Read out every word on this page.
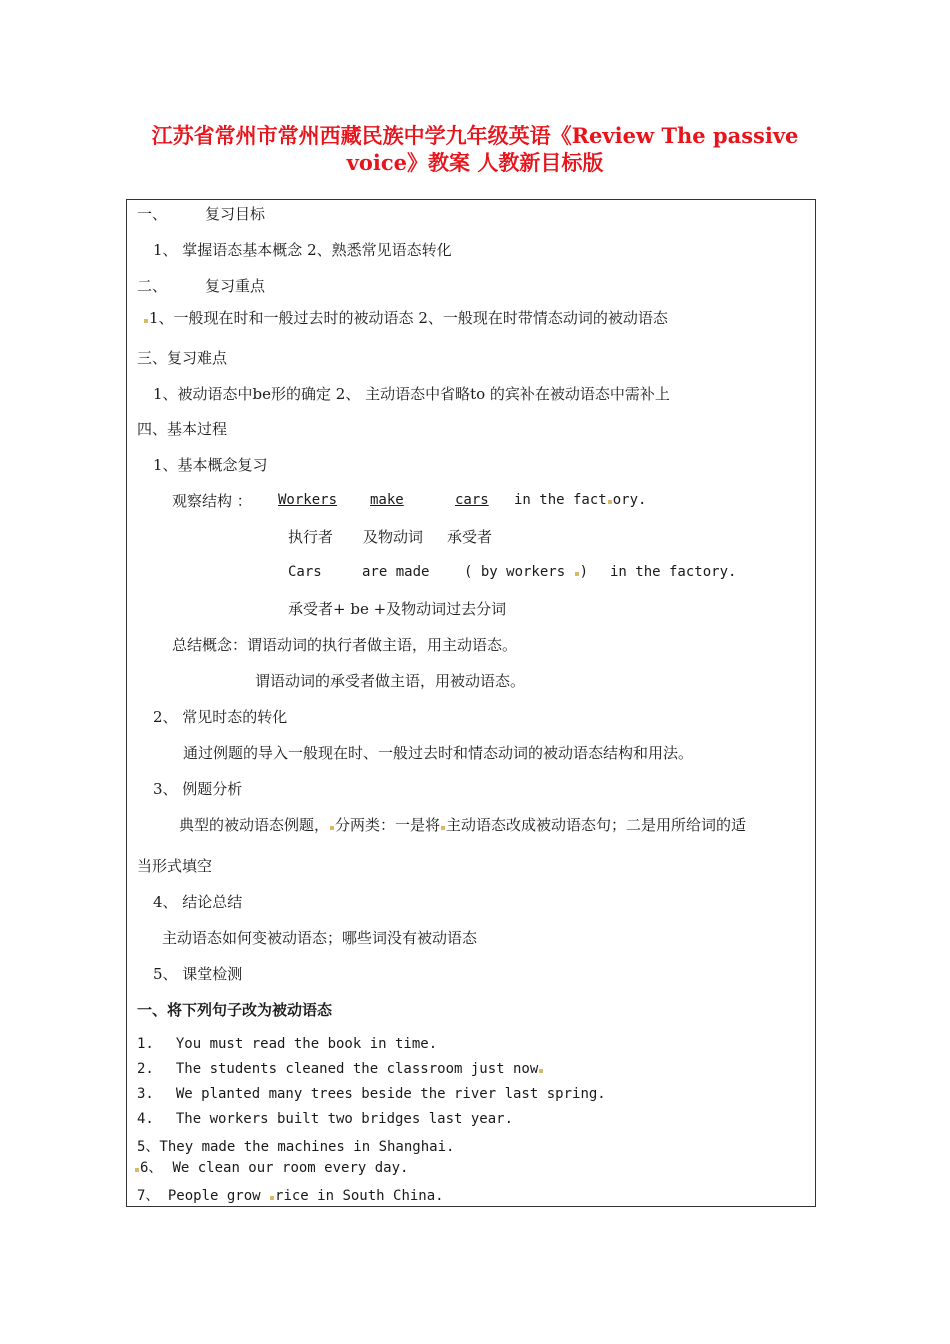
江苏省常州市常州西藏民族中学九年级英语《Review The passive
voice》教案 人教新目标版
一、	复习目标
1、 掌握语态基本概念 2、熟悉常见语态转化
二、	复习重点
1、一般现在时和一般过去时的被动语态 2、一般现在时带情态动词的被动语态
三、复习难点
1、被动语态中be形的确定 2、 主动语态中省略to 的宾补在被动语态中需补上
四、基本过程
1、基本概念复习
观察结构 ： Workers make	cars in the fact ory.
执行者 及物动词 承受者
Cars	are made ( by workers ) in the factory.
承受者+ be +及物动词过去分词
总结概念：谓语动词的执行者做主语，用主动语态。
谓语动词的承受者做主语，用被动语态。
2、 常见时态的转化
通过例题的导入一般现在时、一般过去时和情态动词的被动语态结构和用法。
3、 例题分析
典型的被动语态例题， 分两类：一是将 主动语态改成被动语态句；二是用所给词的适
当形式填空
4、 结论总结
主动语态如何变被动语态；哪些词没有被动语态
5、 课堂检测
一、将下列句子改为被动语态
1. You must read the book in time.
2. The students cleaned the classroom just now
3. We planted many trees beside the river last spring.
4. The workers built two bridges last year.
5、They made the machines in Shanghai.
6、 We clean our room every day.
7、 People grow rice in South China.
